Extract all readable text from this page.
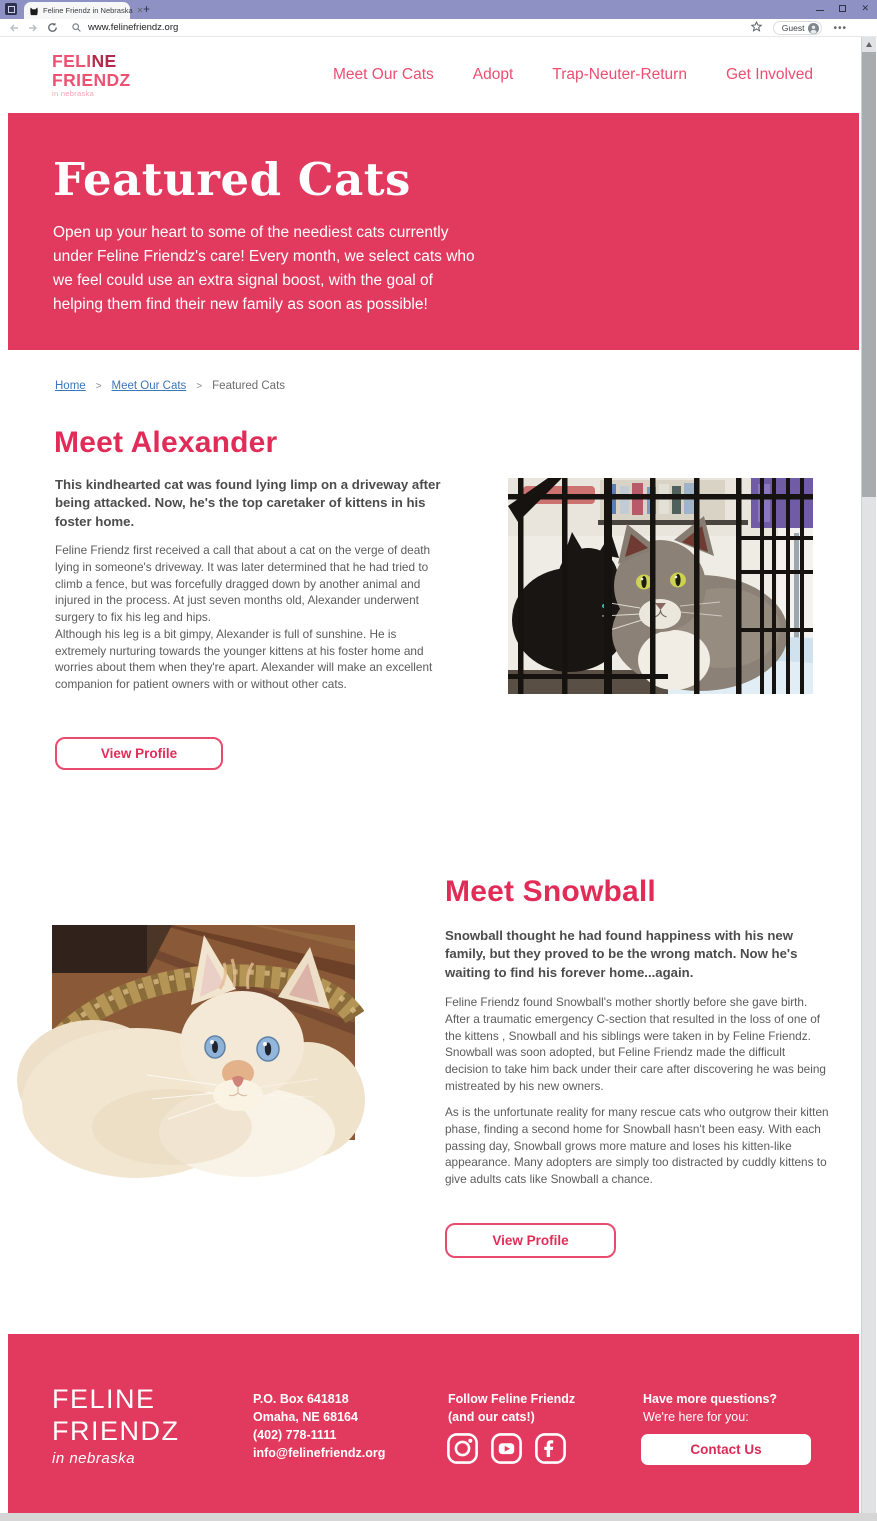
Feline Friendz in Nebraska ✕ +	✕
www.felinefriendz.org	Guest	•••
FELINE
FRIENDZ
in nebraska
Meet Our Cats	Adopt	Trap-Neuter-Return	Get Involved
Featured Cats

Open up your heart to some of the neediest cats currently under Feline Friendz's care! Every month, we select cats who we feel could use an extra signal boost, with the goal of helping them find their new family as soon as possible!

Home > Meet Our Cats > Featured Cats
Meet Alexander
This kindhearted cat was found lying limp on a driveway after being attacked. Now, he's the top caretaker of kittens in his foster home.

Feline Friendz first received a call that about a cat on the verge of death lying in someone's driveway. It was later determined that he had tried to climb a fence, but was forcefully dragged down by another animal and injured in the process. At just seven months old, Alexander underwent surgery to fix his leg and hips.

Although his leg is a bit gimpy, Alexander is full of sunshine. He is extremely nurturing towards the younger kittens at his foster home and worries about them when they're apart. Alexander will make an excellent companion for patient owners with or without other cats.

View Profile
Meet Snowball
Snowball thought he had found happiness with his new family, but they proved to be the wrong match. Now he's waiting to find his forever home...again.

Feline Friendz found Snowball's mother shortly before she gave birth. After a traumatic emergency C-section that resulted in the loss of one of the kittens , Snowball and his siblings were taken in by Feline Friendz. Snowball was soon adopted, but Feline Friendz made the difficult decision to take him back under their care after discovering he was being mistreated by his new owners.

As is the unfortunate reality for many rescue cats who outgrow their kitten phase, finding a second home for Snowball hasn't been easy. With each passing day, Snowball grows more mature and loses his kitten-like appearance. Many adopters are simply too distracted by cuddly kittens to give adults cats like Snowball a chance.

View Profile
FELINE
FRIENDZ
in nebraska
P.O. Box 641818
Omaha, NE 68164
(402) 778-1111
info@felinefriendz.org
Follow Feline Friendz
(and our cats!)
Have more questions?
We're here for you:
Contact Us
